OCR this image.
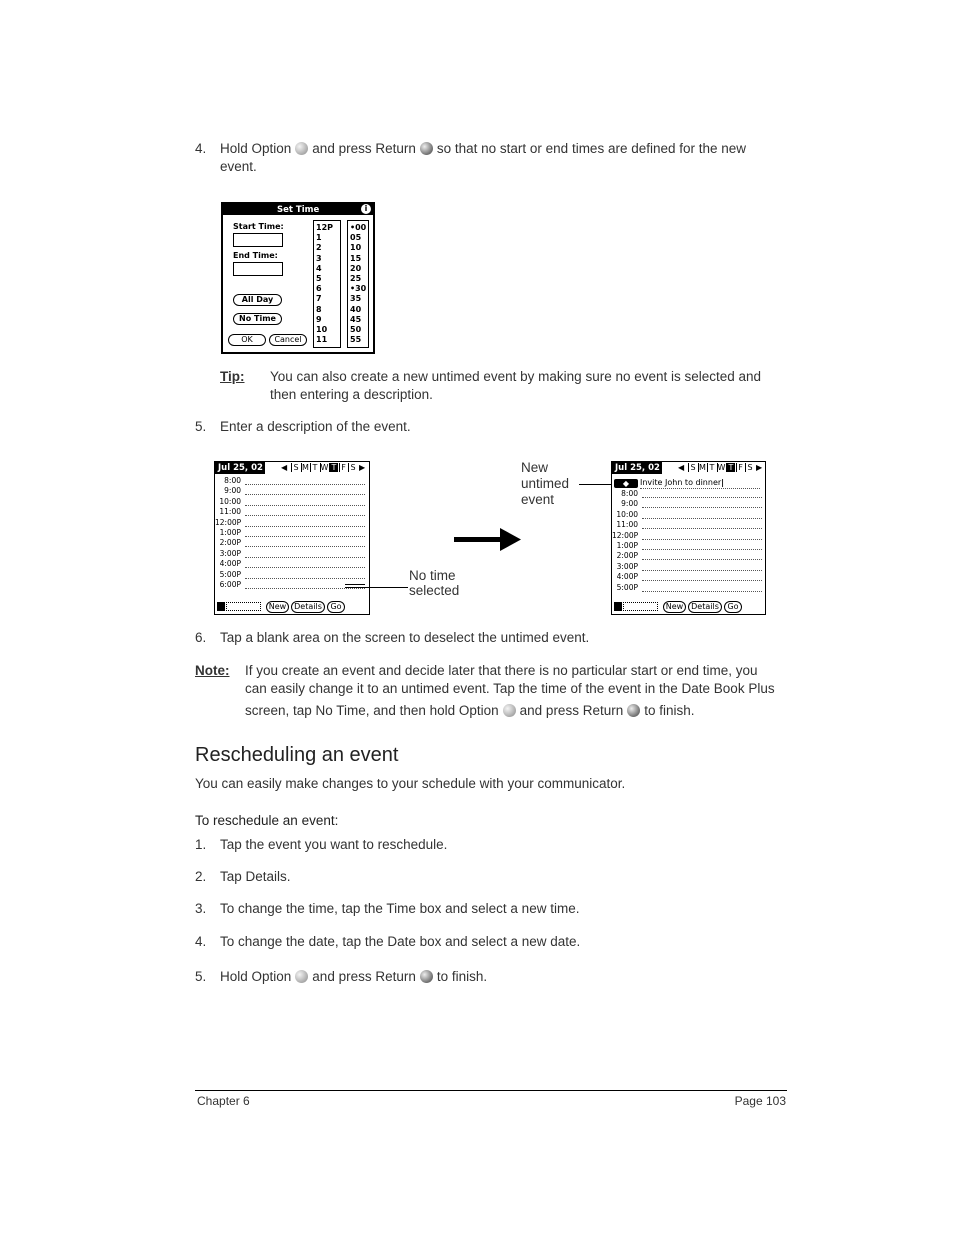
4. Hold Option and press Return so that no start or end times are defined for the new
event.
Set Time	i
Start Time:
End Time:
All Day
No Time
OK	Cancel
12P
1
2
3
4
5
6
7
8
9
10
11
•00
05
10
15
20
25
•30
35
40
45
50
55
Tip: You can also create a new untimed event by making sure no event is selected and
then entering a description.
5. Enter a description of the event.
Jul 25, 02 ◀ S M T W T F S ▶
8:00
9:00
10:00
11:00
12:00P
1:00P
2:00P
3:00P
4:00P
5:00P
6:00P
New Details	Go
No time
selected
New
untimed
event
Jul 25, 02 ◀ S M T W T F S ▶
◆	Invite John to dinner|
8:00
9:00
10:00
11:00
12:00P
1:00P
2:00P
3:00P
4:00P
5:00P
New Details	Go
6. Tap a blank area on the screen to deselect the untimed event.
Note: If you create an event and decide later that there is no particular start or end time, you
can easily change it to an untimed event. Tap the time of the event in the Date Book Plus
screen, tap No Time, and then hold Option and press Return to finish.
Rescheduling an event
You can easily make changes to your schedule with your communicator.
To reschedule an event:
1. Tap the event you want to reschedule.
2. Tap Details.
3. To change the time, tap the Time box and select a new time.
4. To change the date, tap the Date box and select a new date.
5. Hold Option and press Return to finish.
Chapter 6	Page 103
